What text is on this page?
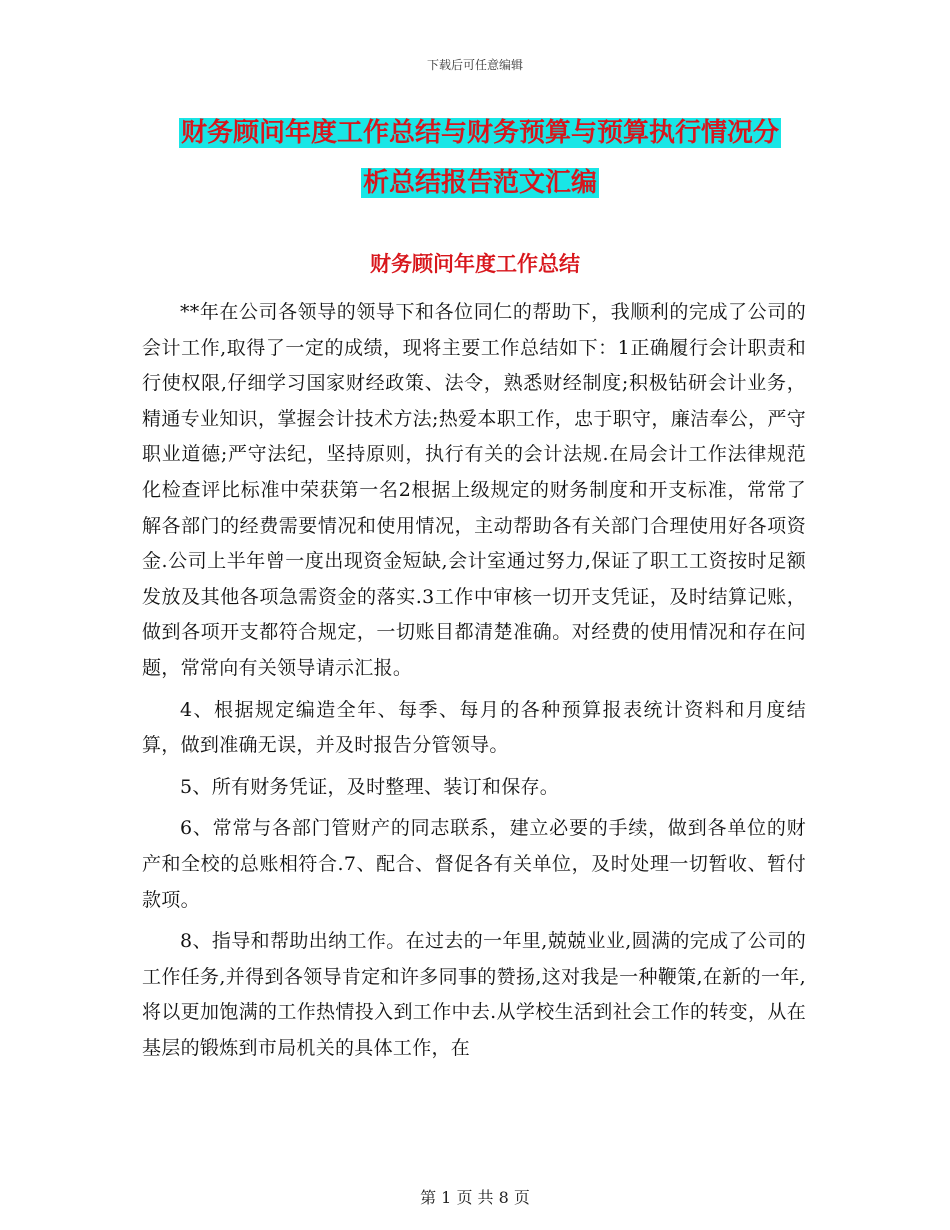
下载后可任意编辑
财务顾问年度工作总结与财务预算与预算执行情况分
析总结报告范文汇编
财务顾问年度工作总结

**年在公司各领导的领导下和各位同仁的帮助下，我顺利的完成了公司的会计工作,取得了一定的成绩，现将主要工作总结如下：1正确履行会计职责和行使权限,仔细学习国家财经政策、法令，熟悉财经制度;积极钻研会计业务，精通专业知识，掌握会计技术方法;热爱本职工作，忠于职守，廉洁奉公，严守职业道德;严守法纪，坚持原则，执行有关的会计法规.在局会计工作法律规范化检查评比标准中荣获第一名2根据上级规定的财务制度和开支标准，常常了解各部门的经费需要情况和使用情况，主动帮助各有关部门合理使用好各项资金.公司上半年曾一度出现资金短缺,会计室通过努力,保证了职工工资按时足额发放及其他各项急需资金的落实.3工作中审核一切开支凭证，及时结算记账，做到各项开支都符合规定，一切账目都清楚准确。对经费的使用情况和存在问题，常常向有关领导请示汇报。

4、根据规定编造全年、每季、每月的各种预算报表统计资料和月度结算，做到准确无误，并及时报告分管领导。

5、所有财务凭证，及时整理、装订和保存。

6、常常与各部门管财产的同志联系，建立必要的手续，做到各单位的财产和全校的总账相符合.7、配合、督促各有关单位，及时处理一切暂收、暂付款项。

8、指导和帮助出纳工作。在过去的一年里,兢兢业业,圆满的完成了公司的工作任务,并得到各领导肯定和许多同事的赞扬,这对我是一种鞭策,在新的一年,将以更加饱满的工作热情投入到工作中去.从学校生活到社会工作的转变，从在基层的锻炼到市局机关的具体工作，在

第 1 页 共 8 页
